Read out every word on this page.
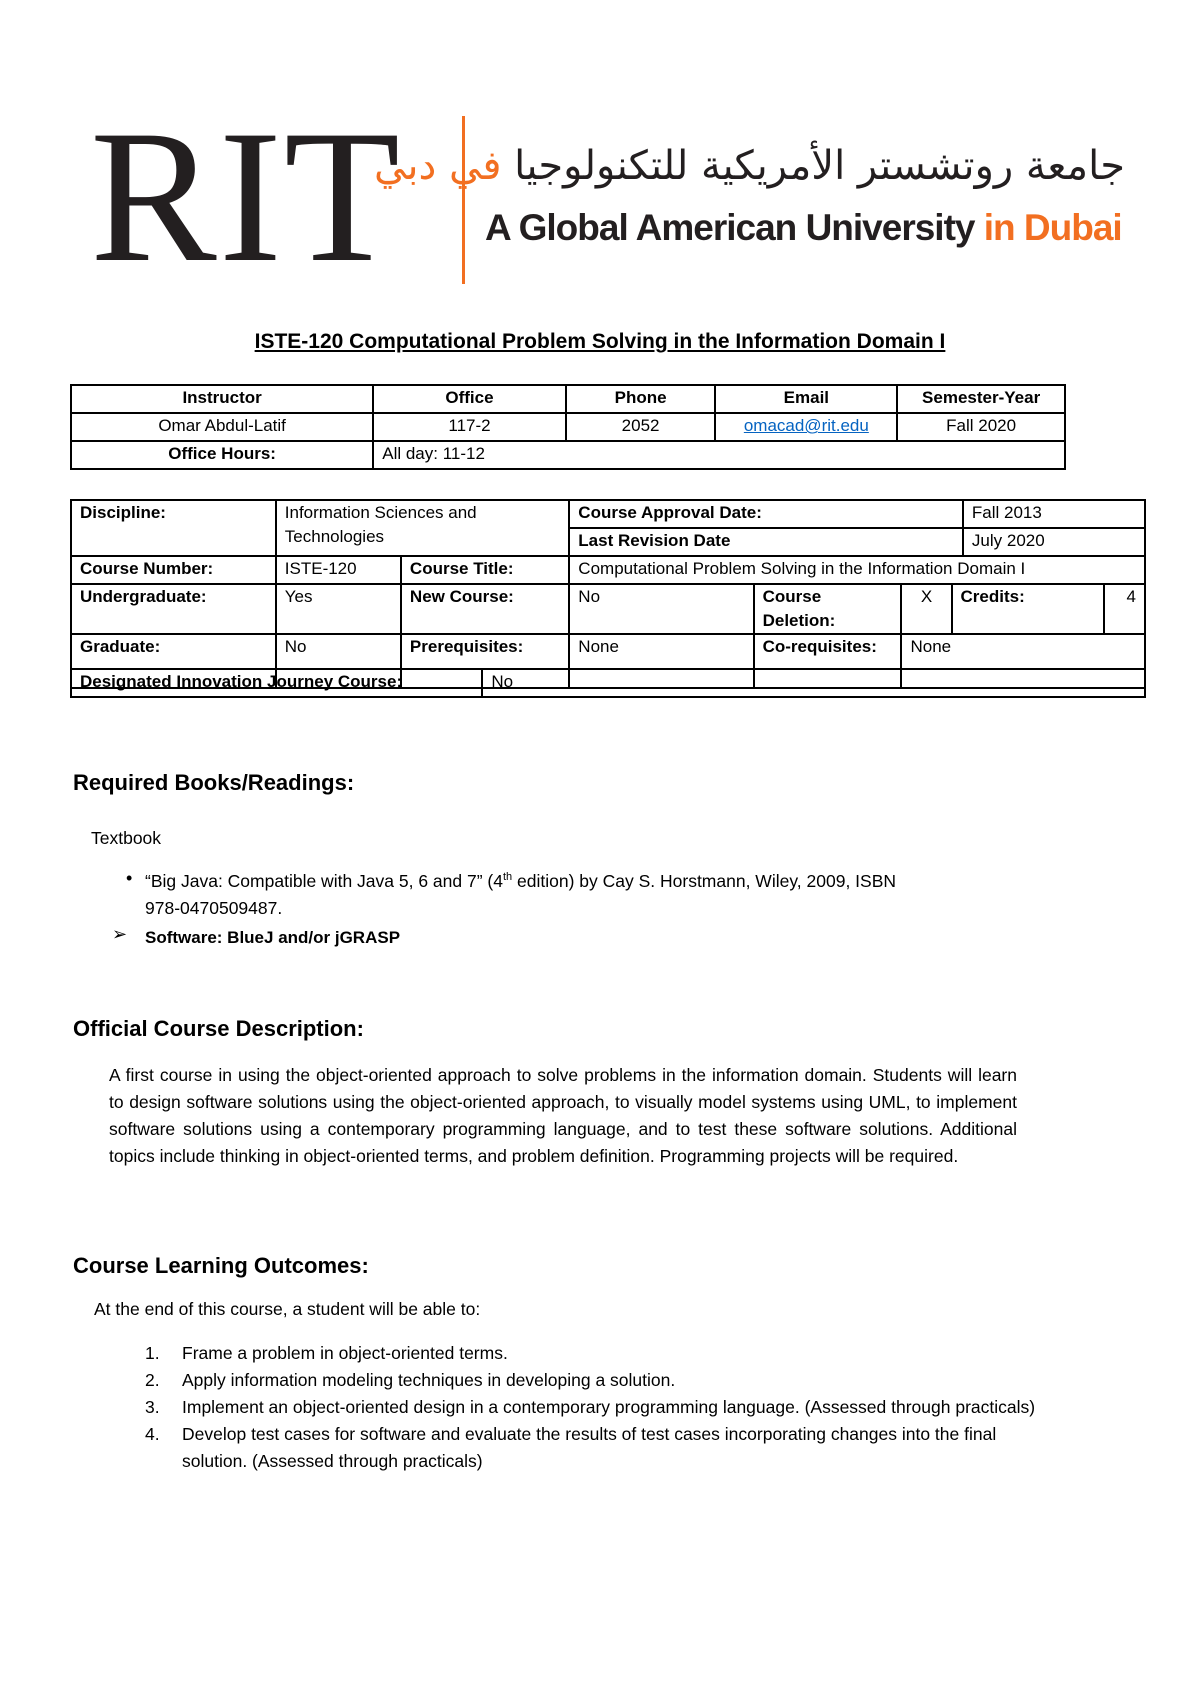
RIT	جامعة روتشستر الأمريكية للتكنولوجيا في دبي
A Global American University in Dubai
ISTE-120 Computational Problem Solving in the Information Domain I
Instructor	Office	Phone	Email	Semester-Year
Omar Abdul-Latif	117-2	2052	omacad@rit.edu	Fall 2020
Office Hours:	All day: 11-12			
Discipline:	Information Sciences and Technologies		Course Approval Date:				Fall 2013	
			Last Revision Date				July 2020	
Course Number:	ISTE-120	Course Title:	Computational Problem Solving in the Information Domain I					
Undergraduate:	Yes	New Course:	No	Course Deletion:	X	Credits:		4
Graduate:	No	Prerequisites:	None	Co-requisites:	None			
Designated Innovation Journey Course:	No
Required Books/Readings:
Textbook
• “Big Java: Compatible with Java 5, 6 and 7” (4th edition) by Cay S. Horstmann, Wiley, 2009, ISBN
978-0470509487.
➢ Software: BlueJ and/or jGRASP
Official Course Description:
A first course in using the object-oriented approach to solve problems in the information domain. Students will learn to design software solutions using the object-oriented approach, to visually model systems using UML, to implement software solutions using a contemporary programming language, and to test these software solutions. Additional topics include thinking in object-oriented terms, and problem definition. Programming projects will be required.
Course Learning Outcomes:
At the end of this course, a student will be able to:
1. Frame a problem in object-oriented terms.
2. Apply information modeling techniques in developing a solution.
3. Implement an object-oriented design in a contemporary programming language. (Assessed through practicals)
4. Develop test cases for software and evaluate the results of test cases incorporating changes into the final solution. (Assessed through practicals)
